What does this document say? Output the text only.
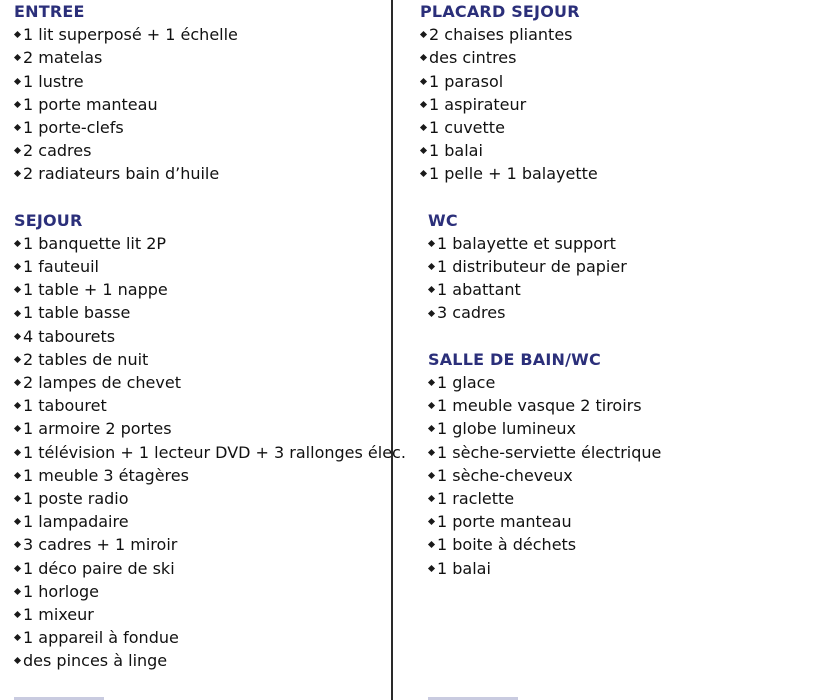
ENTREE
1 lit superposé + 1 échelle
2 matelas
1 lustre
1 porte manteau
1 porte-clefs
2 cadres
2 radiateurs bain d’huile
SEJOUR
1 banquette lit 2P
1 fauteuil
1 table + 1 nappe
1 table basse
4 tabourets
2 tables de nuit
2 lampes de chevet
1 tabouret
1 armoire 2 portes
1 télévision + 1 lecteur DVD + 3 rallonges élec.
1 meuble 3 étagères
1 poste radio
1 lampadaire
3 cadres + 1 miroir
1 déco paire de ski
1 horloge
1 mixeur
1 appareil à fondue
des pinces à linge
PLACARD SEJOUR
2 chaises pliantes
des cintres
1 parasol
1 aspirateur
1 cuvette
1 balai
1 pelle + 1 balayette
WC
1 balayette et support
1 distributeur de papier
1 abattant
3 cadres
SALLE DE BAIN/WC
1 glace
1 meuble vasque 2 tiroirs
1 globe lumineux
1 sèche-serviette électrique
1 sèche-cheveux
1 raclette
1 porte manteau
1 boite à déchets
1 balai
